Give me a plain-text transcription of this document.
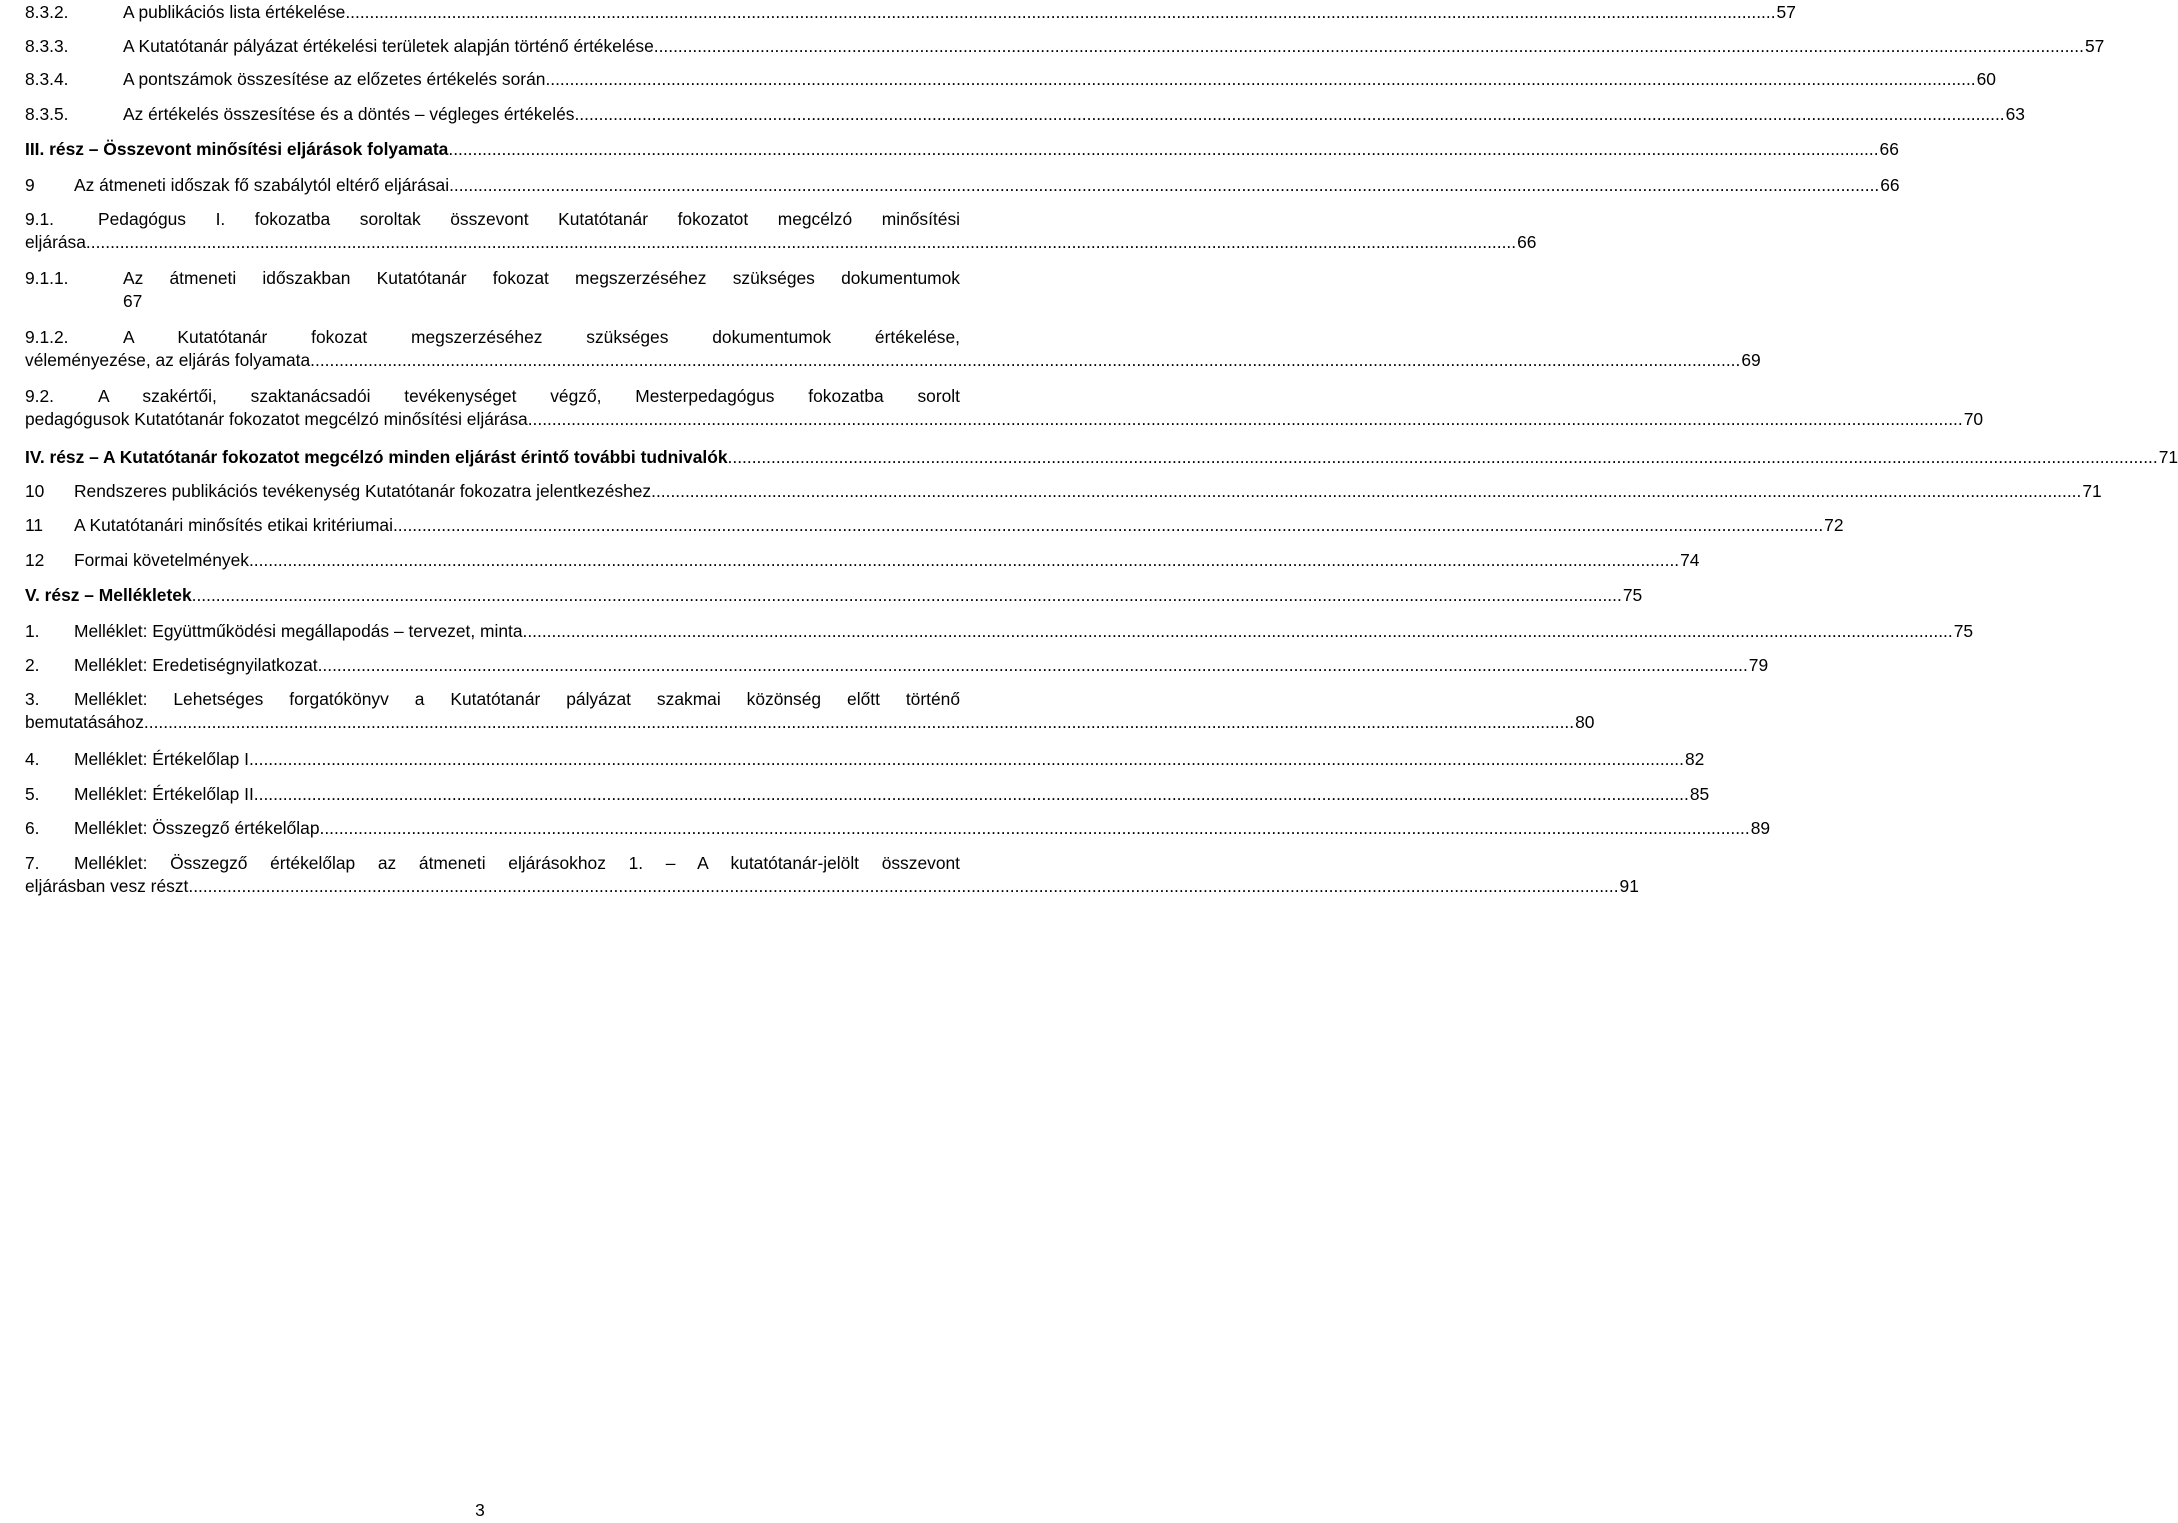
8.3.2.	A publikációs lista értékelése .....	57
8.3.3.	A Kutatótanár pályázat értékelési területek alapján történő értékelése .....	57
8.3.4.	A pontszámok összesítése az előzetes értékelés során .....	60
8.3.5.	Az értékelés összesítése és a döntés – végleges értékelés .....	63
III. rész – Összevont minősítési eljárások folyamata .....	66
9	Az átmeneti időszak fő szabálytól eltérő eljárásai .....	66
9.1.	Pedagógus I. fokozatba soroltak összevont Kutatótanár fokozatot megcélzó minősítési
eljárása .....	66
9.1.1.	Az átmeneti időszakban Kutatótanár fokozat megszerzéséhez szükséges dokumentumok
67
9.1.2.	A Kutatótanár fokozat megszerzéséhez szükséges dokumentumok értékelése,
véleményezése, az eljárás folyamata .....	69
9.2.	A szakértői, szaktanácsadói tevékenységet végző, Mesterpedagógus fokozatba sorolt
pedagógusok Kutatótanár fokozatot megcélzó minősítési eljárása. .....	70
IV. rész – A Kutatótanár fokozatot megcélzó minden eljárást érintő további tudnivalók .....	71
10	Rendszeres publikációs tevékenység Kutatótanár fokozatra jelentkezéshez .....	71
11	A Kutatótanári minősítés etikai kritériumai .....	72
12	Formai követelmények .....	74
V. rész – Mellékletek .....	75
1.	Melléklet: Együttműködési megállapodás – tervezet, minta .....	75
2.	Melléklet: Eredetiségnyilatkozat .....	79
3.	Melléklet: Lehetséges forgatókönyv a Kutatótanár pályázat szakmai közönség előtt történő
bemutatásához .....	80
4.	Melléklet: Értékelőlap I. .....	82
5.	Melléklet: Értékelőlap II. .....	85
6.	Melléklet: Összegző értékelőlap .....	89
7.	Melléklet: Összegző értékelőlap az átmeneti eljárásokhoz 1. – A kutatótanár-jelölt összevont
eljárásban vesz részt .....	91
3
